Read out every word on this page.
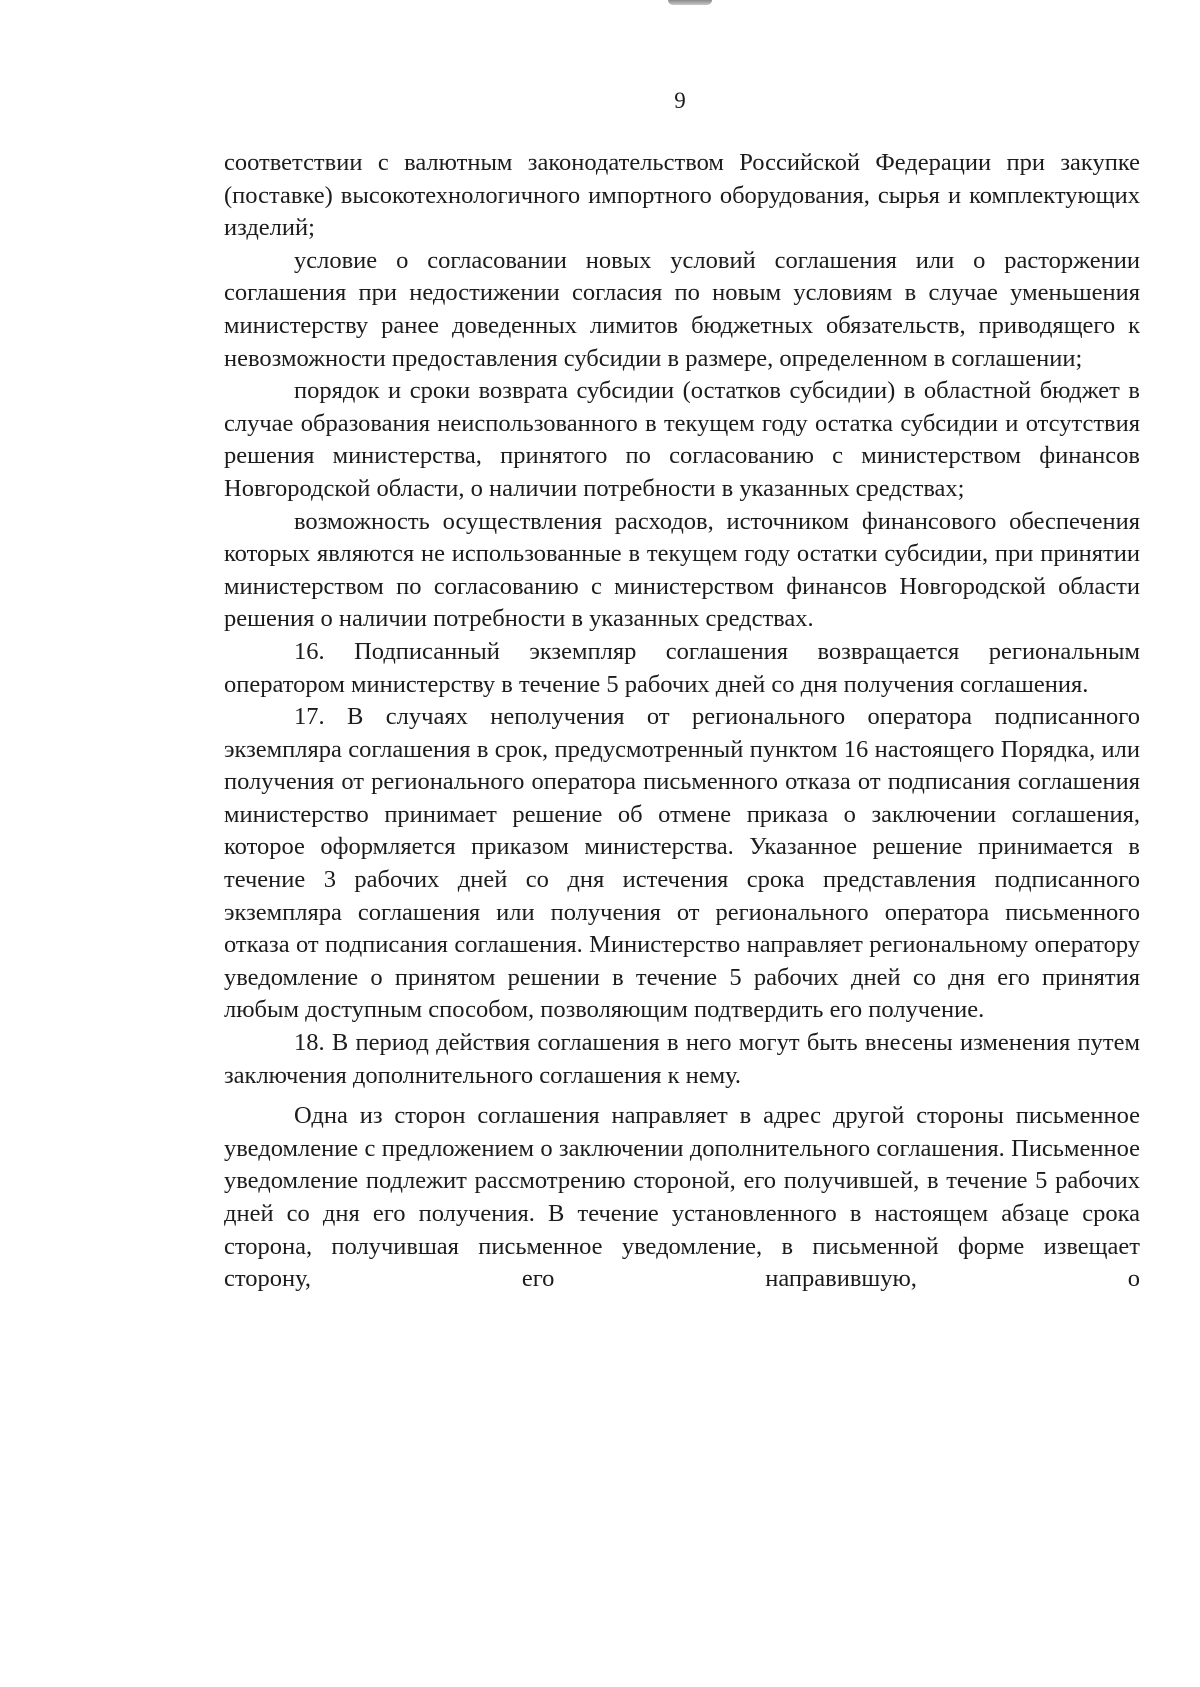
9

соответствии с валютным законодательством Российской Федерации при закупке (поставке) высокотехнологичного импортного оборудования, сырья и комплектующих изделий;

условие о согласовании новых условий соглашения или о расторжении соглашения при недостижении согласия по новым условиям в случае уменьшения министерству ранее доведенных лимитов бюджетных обязательств, приводящего к невозможности предоставления субсидии в размере, определенном в соглашении;

порядок и сроки возврата субсидии (остатков субсидии) в областной бюджет в случае образования неиспользованного в текущем году остатка субсидии и отсутствия решения министерства, принятого по согласованию с министерством финансов Новгородской области, о наличии потребности в указанных средствах;

возможность осуществления расходов, источником финансового обеспечения которых являются не использованные в текущем году остатки субсидии, при принятии министерством по согласованию с министерством финансов Новгородской области решения о наличии потребности в указанных средствах.

16. Подписанный экземпляр соглашения возвращается региональным оператором министерству в течение 5 рабочих дней со дня получения соглашения.

17. В случаях неполучения от регионального оператора подписанного экземпляра соглашения в срок, предусмотренный пунктом 16 настоящего Порядка, или получения от регионального оператора письменного отказа от подписания соглашения министерство принимает решение об отмене приказа о заключении соглашения, которое оформляется приказом министерства. Указанное решение принимается в течение 3 рабочих дней со дня истечения срока представления подписанного экземпляра соглашения или получения от регионального оператора письменного отказа от подписания соглашения. Министерство направляет региональному оператору уведомление о принятом решении в течение 5 рабочих дней со дня его принятия любым доступным способом, позволяющим подтвердить его получение.

18. В период действия соглашения в него могут быть внесены изменения путем заключения дополнительного соглашения к нему.

Одна из сторон соглашения направляет в адрес другой стороны письменное уведомление с предложением о заключении дополнительного соглашения. Письменное уведомление подлежит рассмотрению стороной, его получившей, в течение 5 рабочих дней со дня его получения. В течение установленного в настоящем абзаце срока сторона, получившая письменное уведомление, в письменной форме извещает сторону, его направившую, о
